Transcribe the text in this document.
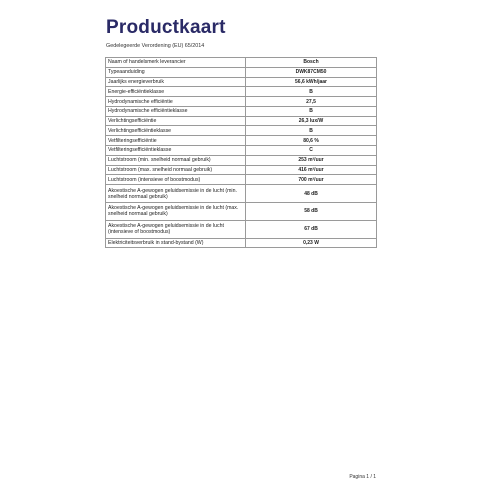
Productkaart
Gedelegeerde Verordening (EU) 65/2014
Naam of handelsmerk leverancier	Bosch
Typeaanduiding	DWK87CM50
Jaarlijks energieverbruik	56,6 kWh/jaar
Energie-efficiëntieklasse	B
Hydrodynamische efficiëntie	27,5
Hydrodynamische efficiëntieklasse	B
Verlichtingsefficiëntie	26,3 lux/W
Verlichtingsefficiëntieklasse	B
Vetfilteringsefficiëntie	80,6 %
Vetfilteringsefficiëntieklasse	C
Luchtstroom (min. snelheid normaal gebruik)	253 m³/uur
Luchtstroom (max. snelheid normaal gebruik)	416 m³/uur
Luchtstroom (intensieve of boostmodus)	700 m³/uur
Akoestische A-gewogen geluidsemissie in de lucht (min. snelheid normaal gebruik)	48 dB
Akoestische A-gewogen geluidsemissie in de lucht (max. snelheid normaal gebruik)	58 dB
Akoestische A-gewogen geluidsemissie in de lucht (intensieve of boostmodus)	67 dB
Elektriciteitsverbruik in stand-bystand (W)	0,23 W
Pagina 1 / 1
